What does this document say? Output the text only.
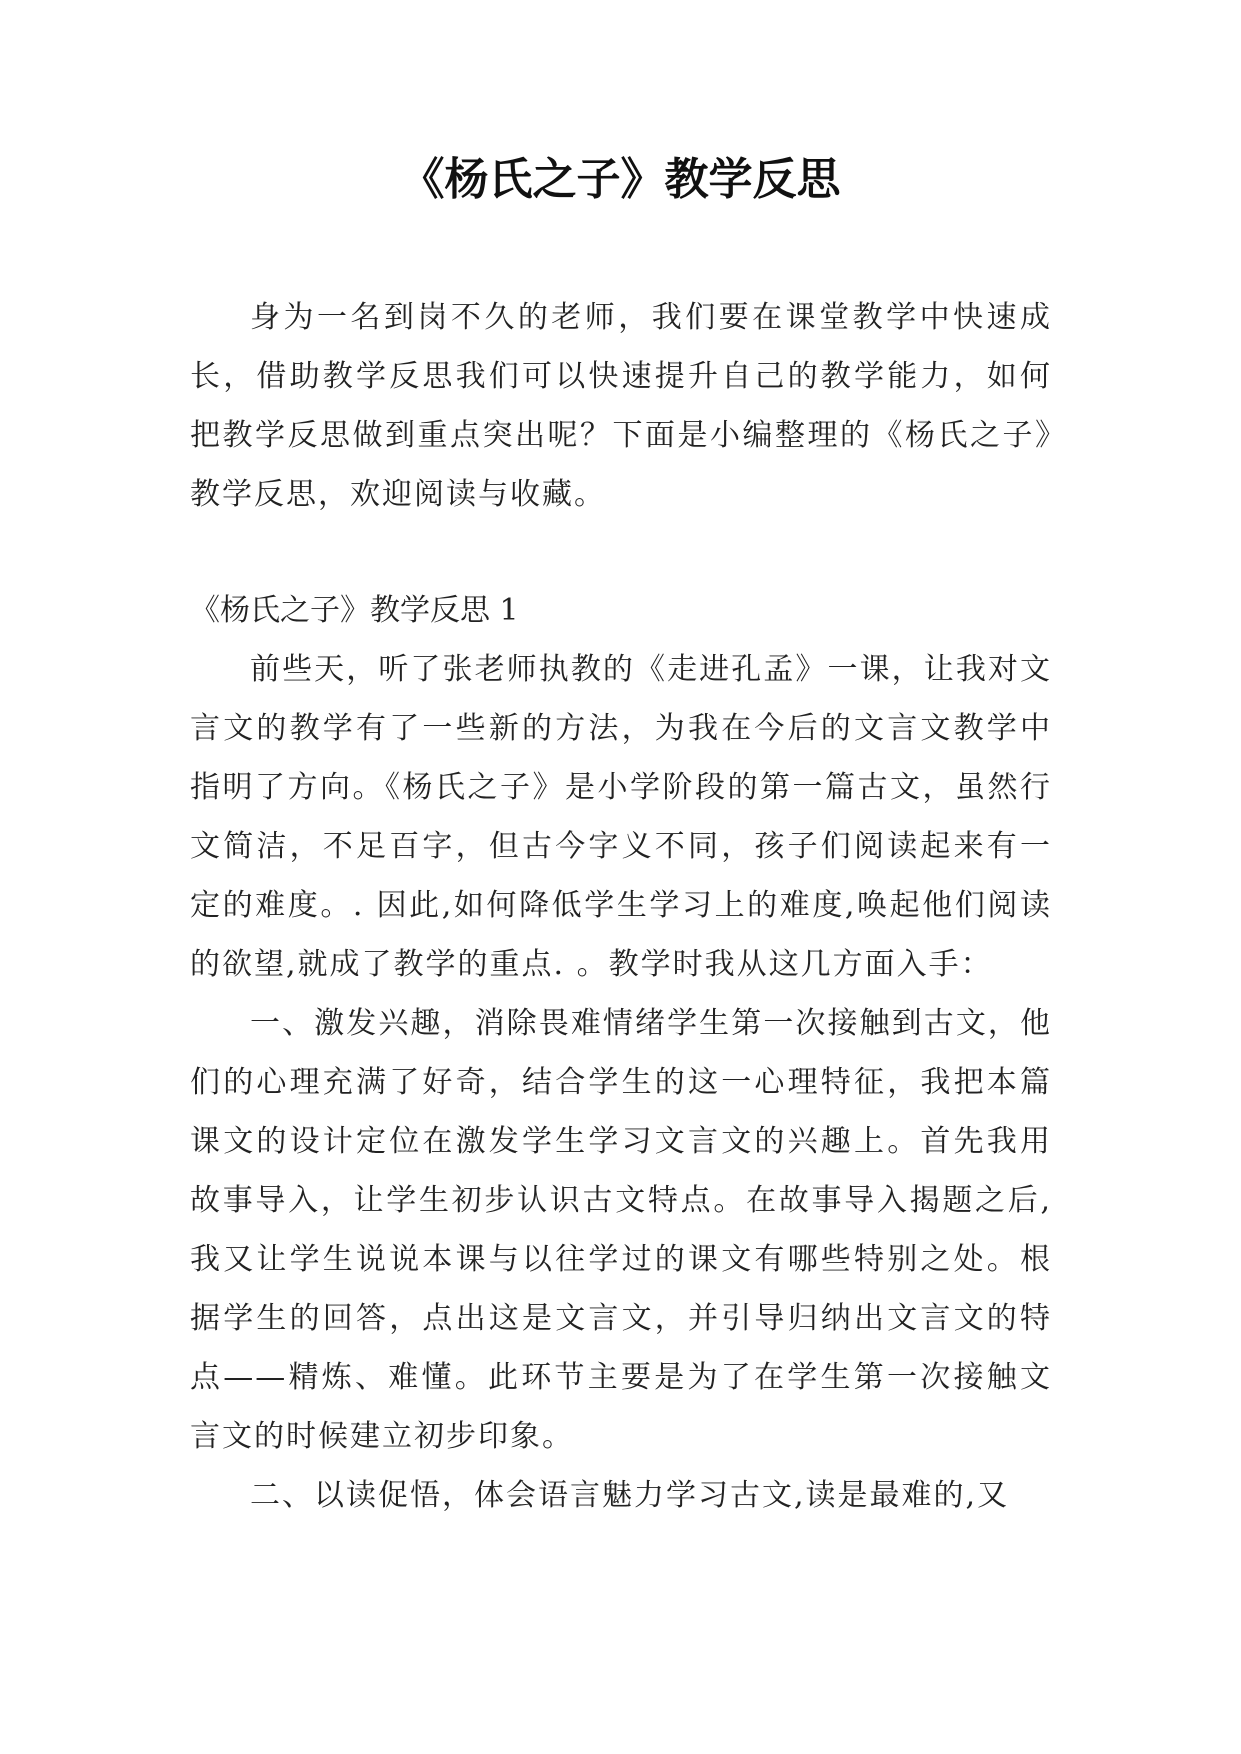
《杨氏之子》教学反思

身为一名到岗不久的老师，我们要在课堂教学中快速成长，借助教学反思我们可以快速提升自己的教学能力，如何把教学反思做到重点突出呢？下面是小编整理的《杨氏之子》教学反思，欢迎阅读与收藏。

《杨氏之子》教学反思 1

前些天，听了张老师执教的《走进孔孟》一课，让我对文言文的教学有了一些新的方法，为我在今后的文言文教学中指明了方向。《杨氏之子》是小学阶段的第一篇古文，虽然行文简洁，不足百字，但古今字义不同，孩子们阅读起来有一定的难度。. 因此,如何降低学生学习上的难度,唤起他们阅读的欲望,就成了教学的重点. 。教学时我从这几方面入手：

一、激发兴趣，消除畏难情绪学生第一次接触到古文，他们的心理充满了好奇，结合学生的这一心理特征，我把本篇课文的设计定位在激发学生学习文言文的兴趣上。首先我用故事导入，让学生初步认识古文特点。在故事导入揭题之后,我又让学生说说本课与以往学过的课文有哪些特别之处。根据学生的回答，点出这是文言文，并引导归纳出文言文的特点——精炼、难懂。此环节主要是为了在学生第一次接触文言文的时候建立初步印象。

二、以读促悟，体会语言魅力学习古文,读是最难的,又
